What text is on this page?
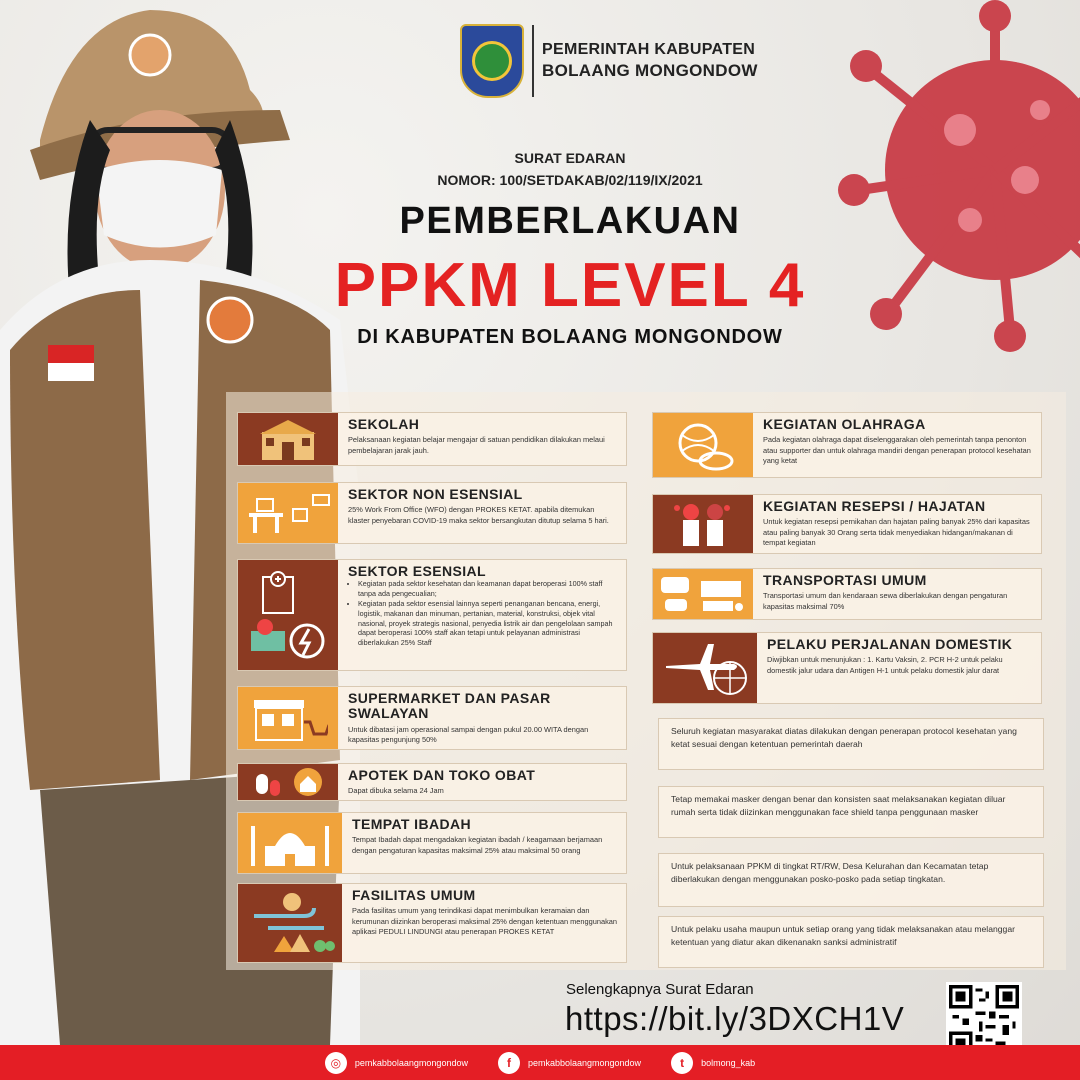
PEMERINTAH KABUPATEN
BOLAANG MONGONDOW
SURAT EDARAN
NOMOR: 100/SETDAKAB/02/119/IX/2021
PEMBERLAKUAN
PPKM LEVEL 4
DI KABUPATEN BOLAANG MONGONDOW
SEKOLAH
Pelaksanaan kegiatan belajar mengajar di satuan pendidikan dilakukan melaui pembelajaran jarak jauh.
SEKTOR NON ESENSIAL
25% Work From Office (WFO) dengan PROKES KETAT. apabila ditemukan klaster penyebaran COVID-19 maka sektor bersangkutan ditutup selama 5 hari.
SEKTOR ESENSIAL
• Kegiatan pada sektor kesehatan dan keamanan dapat beroperasi 100% staff tanpa ada pengecualian;
• Kegiatan pada sektor esensial lainnya seperti penanganan bencana, energi, logistik, makanan dan minuman, pertanian, material, konstruksi, objek vital nasional, proyek strategis nasional, penyedia listrik air dan pengelolaan sampah dapat beroperasi 100% staff akan tetapi untuk pelayanan administrasi diberlakukan 25% Staff
SUPERMARKET DAN PASAR SWALAYAN
Untuk dibatasi jam operasional sampai dengan pukul 20.00 WITA dengan kapasitas pengunjung 50%
APOTEK DAN TOKO OBAT
Dapat dibuka selama 24 Jam
TEMPAT IBADAH
Tempat Ibadah dapat mengadakan kegiatan ibadah / keagamaan berjamaan dengan pengaturan kapasitas maksimal 25% atau maksimal 50 orang
FASILITAS UMUM
Pada fasilitas umum yang terindikasi dapat menimbulkan keramaian dan kerumunan diizinkan beroperasi maksimal 25% dengan ketentuan menggunakan aplikasi PEDULI LINDUNGI atau penerapan PROKES KETAT
KEGIATAN OLAHRAGA
Pada kegiatan olahraga dapat diselenggarakan oleh pemerintah tanpa penonton atau supporter dan untuk olahraga mandiri dengan penerapan protocol kesehatan yang ketat
KEGIATAN RESEPSI / HAJATAN
Untuk kegiatan resepsi pernikahan dan hajatan paling banyak 25% dari kapasitas atau paling banyak 30 Orang serta tidak menyediakan hidangan/makanan di tempat kegiatan
TRANSPORTASI UMUM
Transportasi umum dan kendaraan sewa diberlakukan dengan pengaturan kapasitas maksimal 70%
PELAKU PERJALANAN DOMESTIK
Diwjibkan untuk menunjukan : 1. Kartu Vaksin, 2. PCR H-2 untuk pelaku domestik jalur udara dan Antigen H-1 untuk pelaku domestik jalur darat
Seluruh kegiatan masyarakat diatas dilakukan dengan penerapan protocol kesehatan yang ketat sesuai dengan ketentuan pemerintah daerah
Tetap memakai masker dengan benar dan konsisten saat melaksanakan kegiatan diluar rumah serta tidak diizinkan menggunakan face shield tanpa penggunaan masker
Untuk pelaksanaan PPKM di tingkat RT/RW, Desa Kelurahan dan Kecamatan tetap diberlakukan dengan menggunakan posko-posko pada setiap tingkatan.
Untuk pelaku usaha maupun untuk setiap orang yang tidak melaksanakan atau melanggar ketentuan yang diatur akan dikenanakn sanksi administratif
Selengkapnya Surat Edaran
https://bit.ly/3DXCH1V
◎	pemkabbolaangmongondow	f	pemkabbolaangmongondow	t	bolmong_kab
